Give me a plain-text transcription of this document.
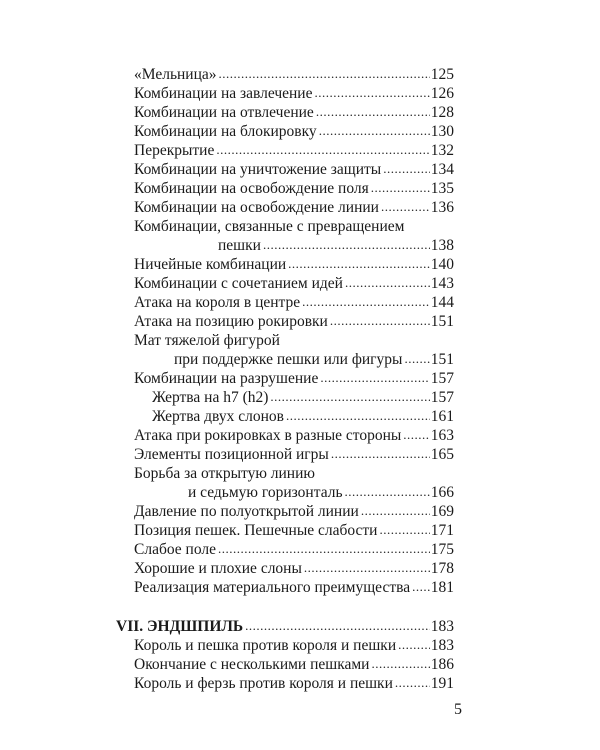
«Мельница» .....	125
Комбинации на завлечение .....	126
Комбинации на отвлечение .....	128
Комбинации на блокировку .....	130
Перекрытие .....	132
Комбинации на уничтожение защиты .....	134
Комбинации на освобождение поля .....	135
Комбинации на освобождение линии .....	136
Комбинации, связанные с превращением
пешки .....	138
Ничейные комбинации .....	140
Комбинации с сочетанием идей .....	143
Атака на короля в центре .....	144
Атака на позицию рокировки .....	151
Мат тяжелой фигурой
при поддержке пешки или фигуры ..... 151
Комбинации на разрушение .....	157
Жертва на h7 (h2) .....	157
Жертва двух слонов .....	161
Атака при рокировках в разные стороны ..... 163
Элементы позиционной игры .....	165
Борьба за открытую линию
и седьмую горизонталь .....	166
Давление по полуоткрытой линии .....	169
Позиция пешек. Пешечные слабости .....	171
Слабое поле .....	175
Хорошие и плохие слоны .....	178
Реализация материального преимущества ..... 181
VII. ЭНДШПИЛЬ .....	183
Король и пешка против короля и пешки ..... 183
Окончание с несколькими пешками .....	186
Король и ферзь против короля и пешки ..... 191
5
